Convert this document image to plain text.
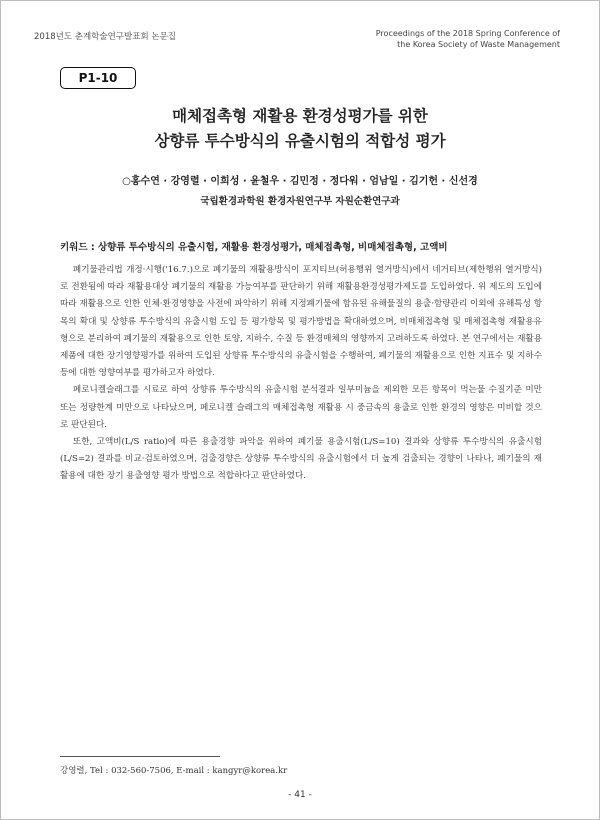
2018년도 춘계학술연구발표회 논문집	Proceedings of the 2018 Spring Conference of
the Korea Society of Waste Management
P1-10
매체접촉형 재활용 환경성평가를 위한
상향류 투수방식의 유출시험의 적합성 평가
○홍수연 · 강영렬 · 이희성 · 윤철우 · 김민정 · 정다워 · 엄남일 · 김기헌 · 신선경
국립환경과학원 환경자원연구부 자원순환연구과
키워드 : 상향류 투수방식의 유출시험, 재활용 환경성평가, 매체접촉형, 비매체접촉형, 고액비

폐기물관리법 개정·시행('16.7.)으로 폐기물의 재활용방식이 포지티브(허용행위 열거방식)에서 네거티브(제한행위 열거방식)로 전환됨에 따라 재활용대상 폐기물의 재활용 가능여부를 판단하기 위해 재활용환경성평가제도를 도입하였다. 위 제도의 도입에 따라 재활용으로 인한 인체·환경영향을 사전에 파악하기 위해 지정폐기물에 함유된 유해물질의 용출·함량관리 이외에 유해특성 항목의 확대 및 상향류 투수방식의 유출시험 도입 등 평가항목 및 평가방법을 확대하였으며, 비매체접촉형 및 매체접촉형 재활용유형으로 분리하여 폐기물의 재활용으로 인한 토양, 지하수, 수질 등 환경매체의 영향까지 고려하도록 하였다. 본 연구에서는 재활용 제품에 대한 장기영향평가를 위하여 도입된 상향류 투수방식의 유출시험을 수행하여, 폐기물의 재활용으로 인한 지표수 및 지하수 등에 대한 영향여부를 평가하고자 하였다.

페로니켈슬래그를 시료로 하여 상향류 투수방식의 유출시험 분석결과 일부미늄을 제외한 모든 항목이 먹는물 수질기준 미만 또는 정량한계 미만으로 나타났으며, 페로니켈 슬래그의 매체접촉형 재활용 시 중금속의 용출로 인한 환경의 영향은 미비할 것으로 판단된다.

또한, 고액비(L/S ratio)에 따른 용출경향 파악을 위하여 폐기물 용출시험(L/S=10) 결과와 상향류 투수방식의 유출시험(L/S=2) 결과를 비교·검토하였으며, 검출경향은 상향류 투수방식의 유출시험에서 더 높게 검출되는 경향이 나타나, 폐기물의 재활용에 대한 장기 용출영향 평가 방법으로 적합하다고 판단하였다.

강영렬, Tel : 032-560-7506, E-mail : kangyr@korea.kr
- 41 -
